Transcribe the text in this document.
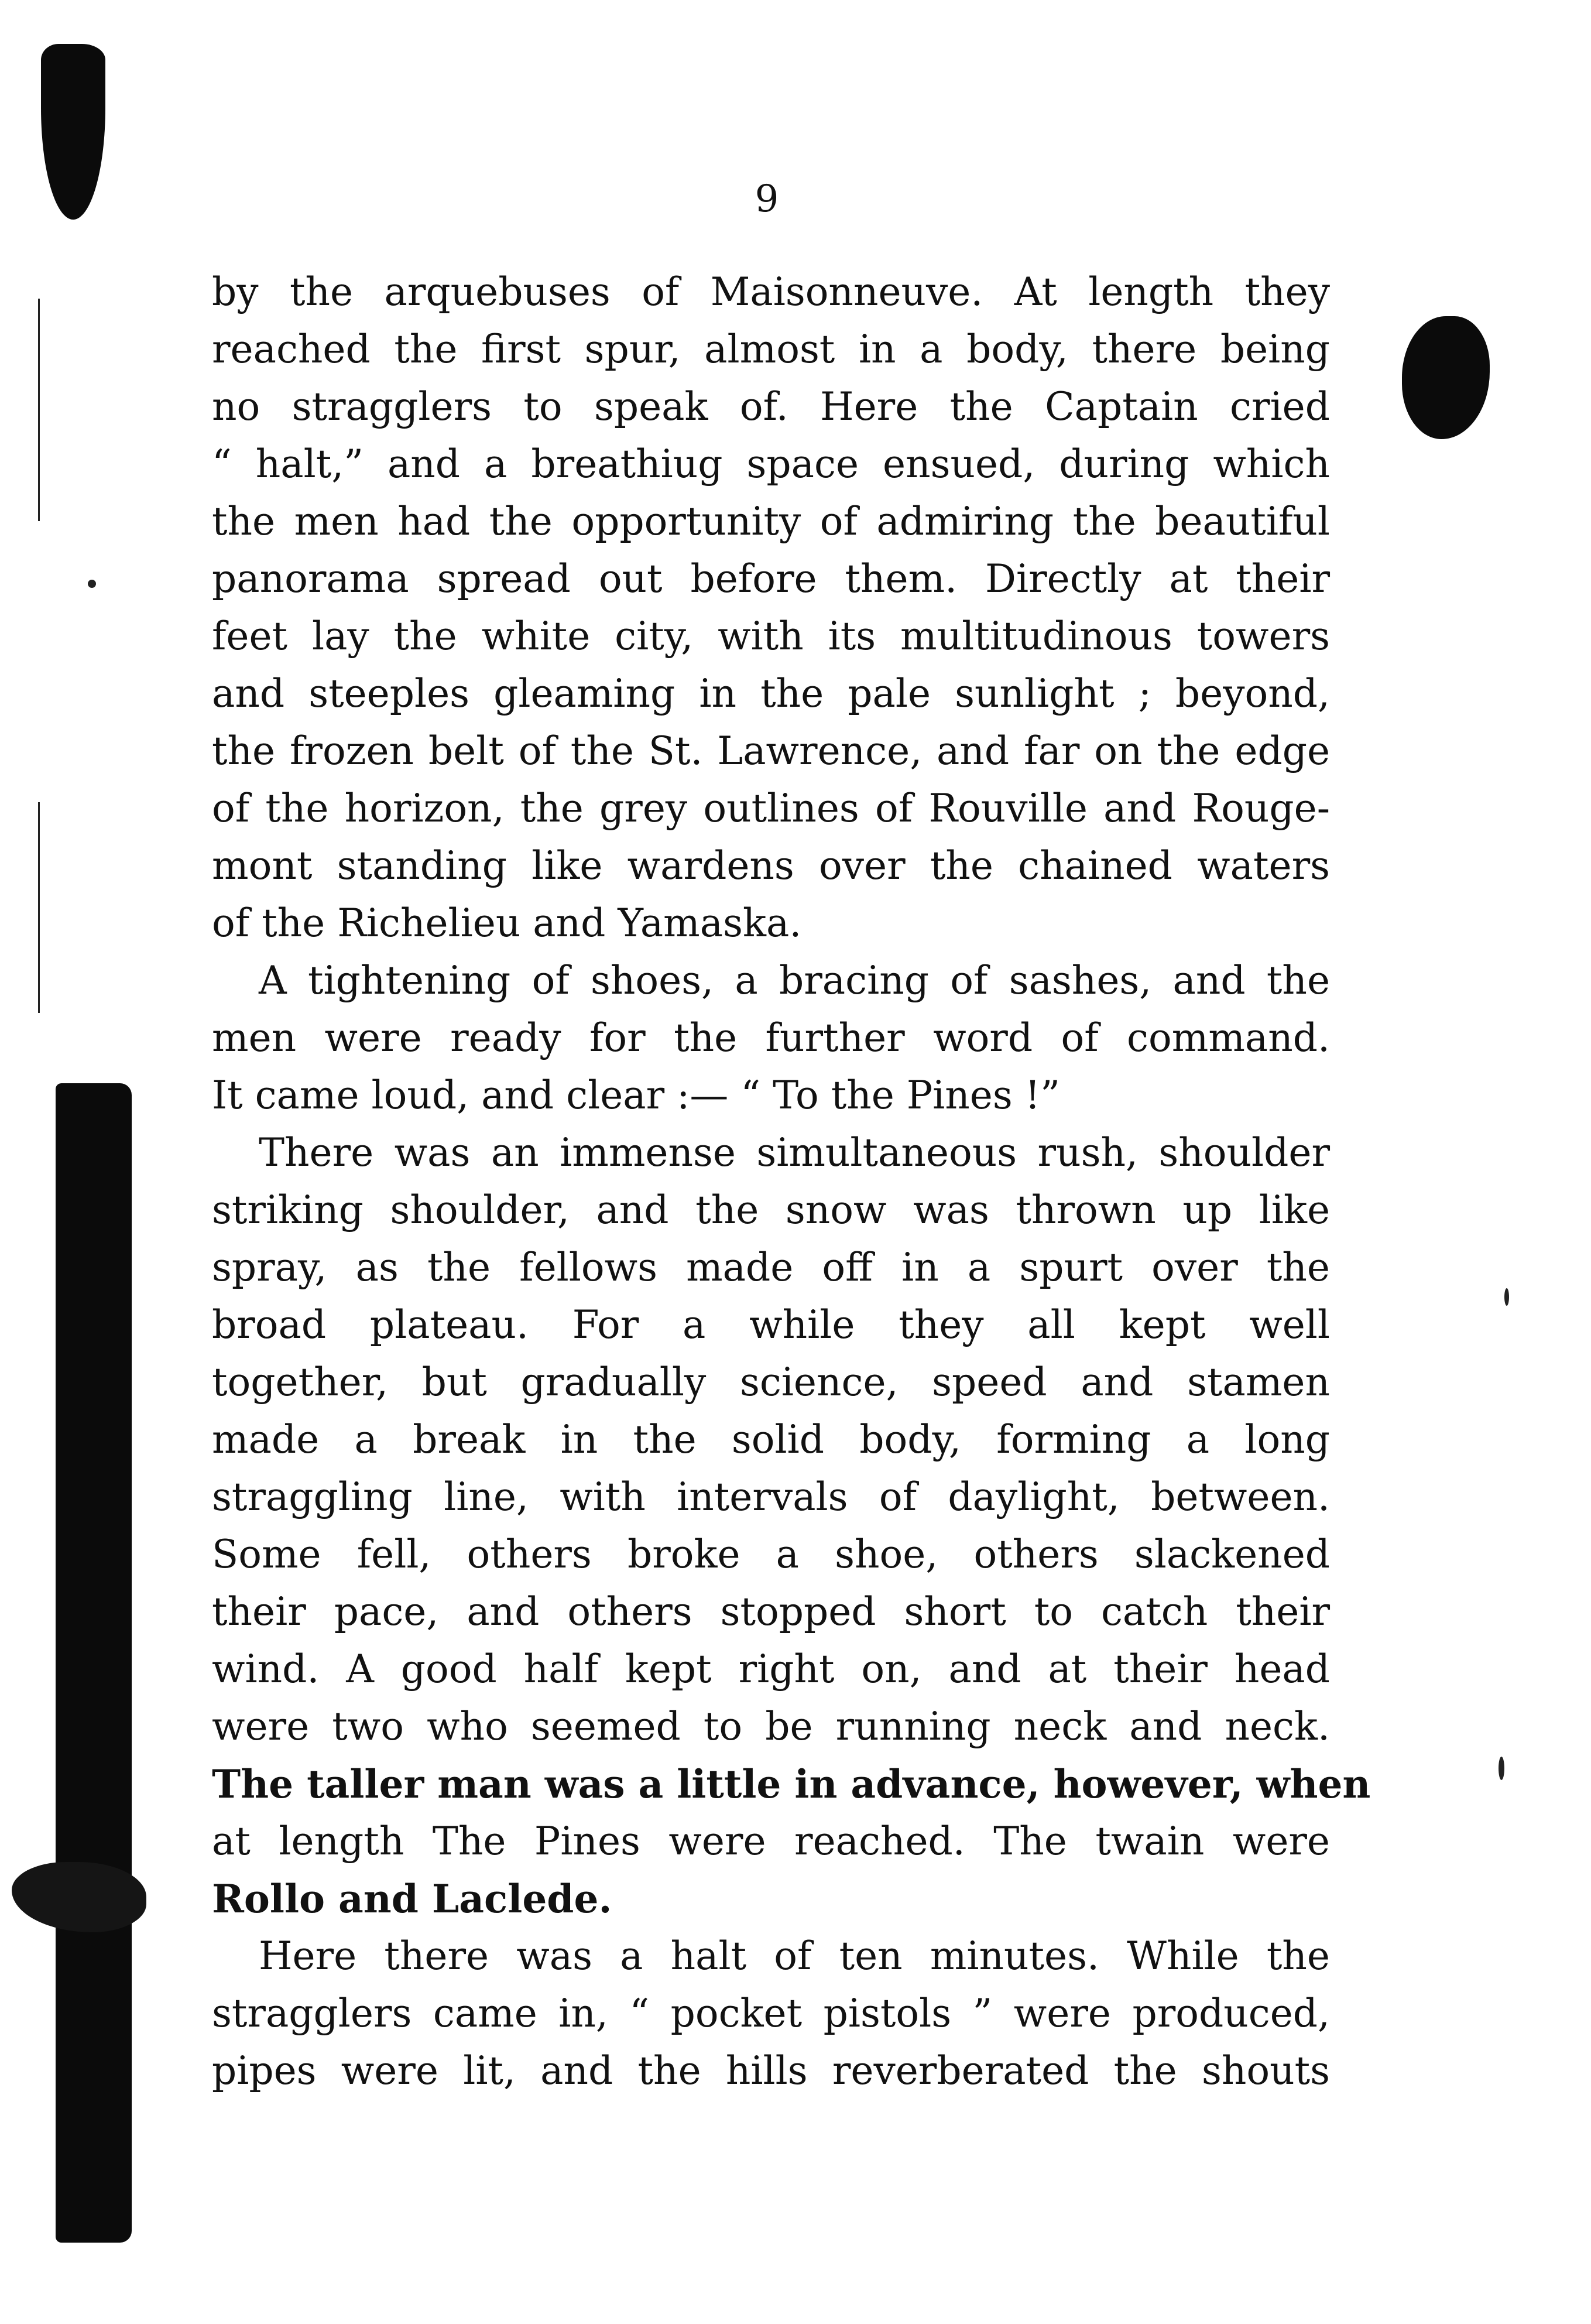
9
by the arquebuses of Maisonneuve. At length they
reached the first spur, almost in a body, there being
no stragglers to speak of. Here the Captain cried
“ halt,” and a breathiug space ensued, during which
the men had the opportunity of admiring the beautiful
panorama spread out before them. Directly at their
feet lay the white city, with its multitudinous towers
and steeples gleaming in the pale sunlight ; beyond,
the frozen belt of the St. Lawrence, and far on the edge
of the horizon, the grey outlines of Rouville and Rouge-
mont standing like wardens over the chained waters
of the Richelieu and Yamaska.
A tightening of shoes, a bracing of sashes, and the
men were ready for the further word of command.
It came loud, and clear :— “ To the Pines !”
There was an immense simultaneous rush, shoulder
striking shoulder, and the snow was thrown up like
spray, as the fellows made off in a spurt over the
broad plateau. For a while they all kept well
together, but gradually science, speed and stamen
made a break in the solid body, forming a long
straggling line, with intervals of daylight, between.
Some fell, others broke a shoe, others slackened
their pace, and others stopped short to catch their
wind. A good half kept right on, and at their head
were two who seemed to be running neck and neck.
The taller man was a little in advance, however, when
at length The Pines were reached. The twain were
Rollo and Laclede.
Here there was a halt of ten minutes. While the
stragglers came in, “ pocket pistols ” were produced,
pipes were lit, and the hills reverberated the shouts
